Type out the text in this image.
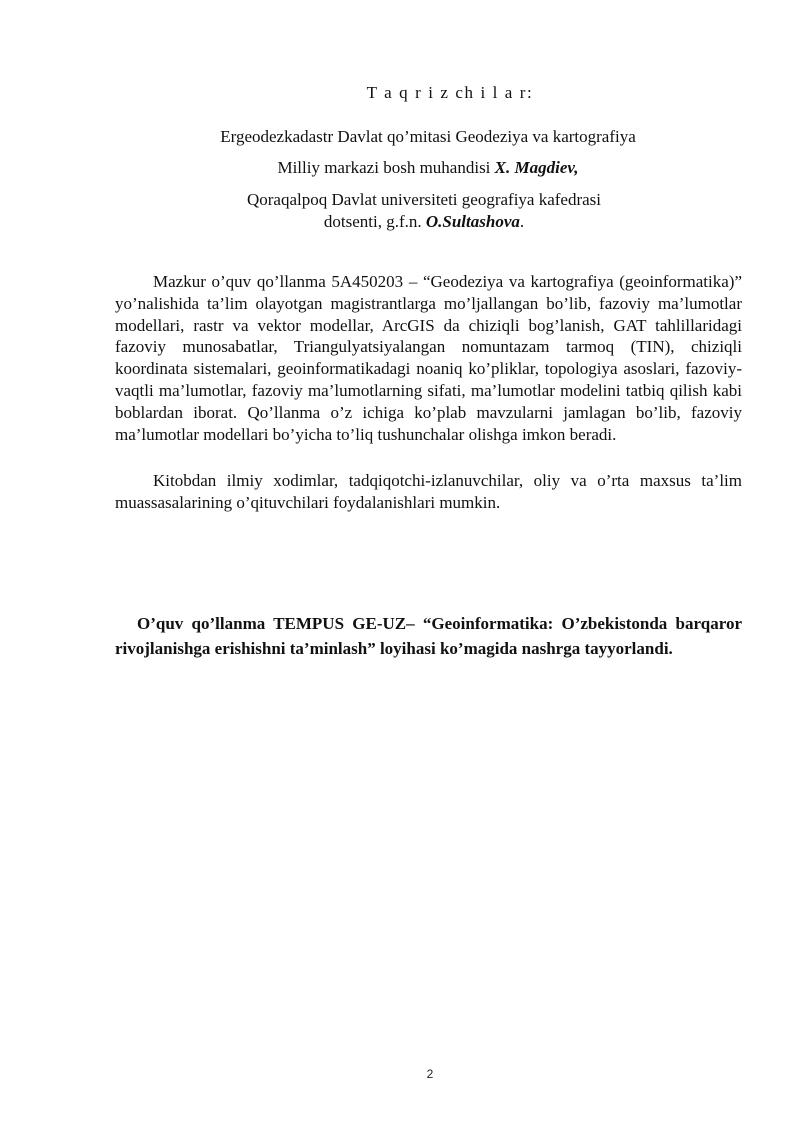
T a q r i z ch i l a r:
Ergeodezkadastr Davlat qo’mitasi Geodeziya va kartografiya
Milliy markazi bosh muhandisi X. Magdiev,
Qoraqalpoq Davlat universiteti geografiya kafedrasi
dotsenti, g.f.n. O.Sultashova.

Mazkur o’quv qo’llanma 5A450203 – “Geodeziya va kartografiya (geoinformatika)” yo’nalishida ta’lim olayotgan magistrantlarga mo’ljallangan bo’lib, fazoviy ma’lumotlar modellari, rastr va vektor modellar, ArcGIS da chiziqli bog’lanish, GAT tahlillaridagi fazoviy munosabatlar, Triangulyatsiyalangan nomuntazam tarmoq (TIN), chiziqli koordinata sistemalari, geoinformatikadagi noaniq ko’pliklar, topologiya asoslari, fazoviy-vaqtli ma’lumotlar, fazoviy ma’lumotlarning sifati, ma’lumotlar modelini tatbiq qilish kabi boblardan iborat. Qo’llanma o’z ichiga ko’plab mavzularni jamlagan bo’lib, fazoviy ma’lumotlar modellari bo’yicha to’liq tushunchalar olishga imkon beradi.

Kitobdan ilmiy xodimlar, tadqiqotchi-izlanuvchilar, oliy va o’rta maxsus ta’lim muassasalarining o’qituvchilari foydalanishlari mumkin.

O’quv qo’llanma TEMPUS GE-UZ– “Geoinformatika: O’zbekistonda barqaror rivojlanishga erishishni ta’minlash” loyihasi ko’magida nashrga tayyorlandi.

2
